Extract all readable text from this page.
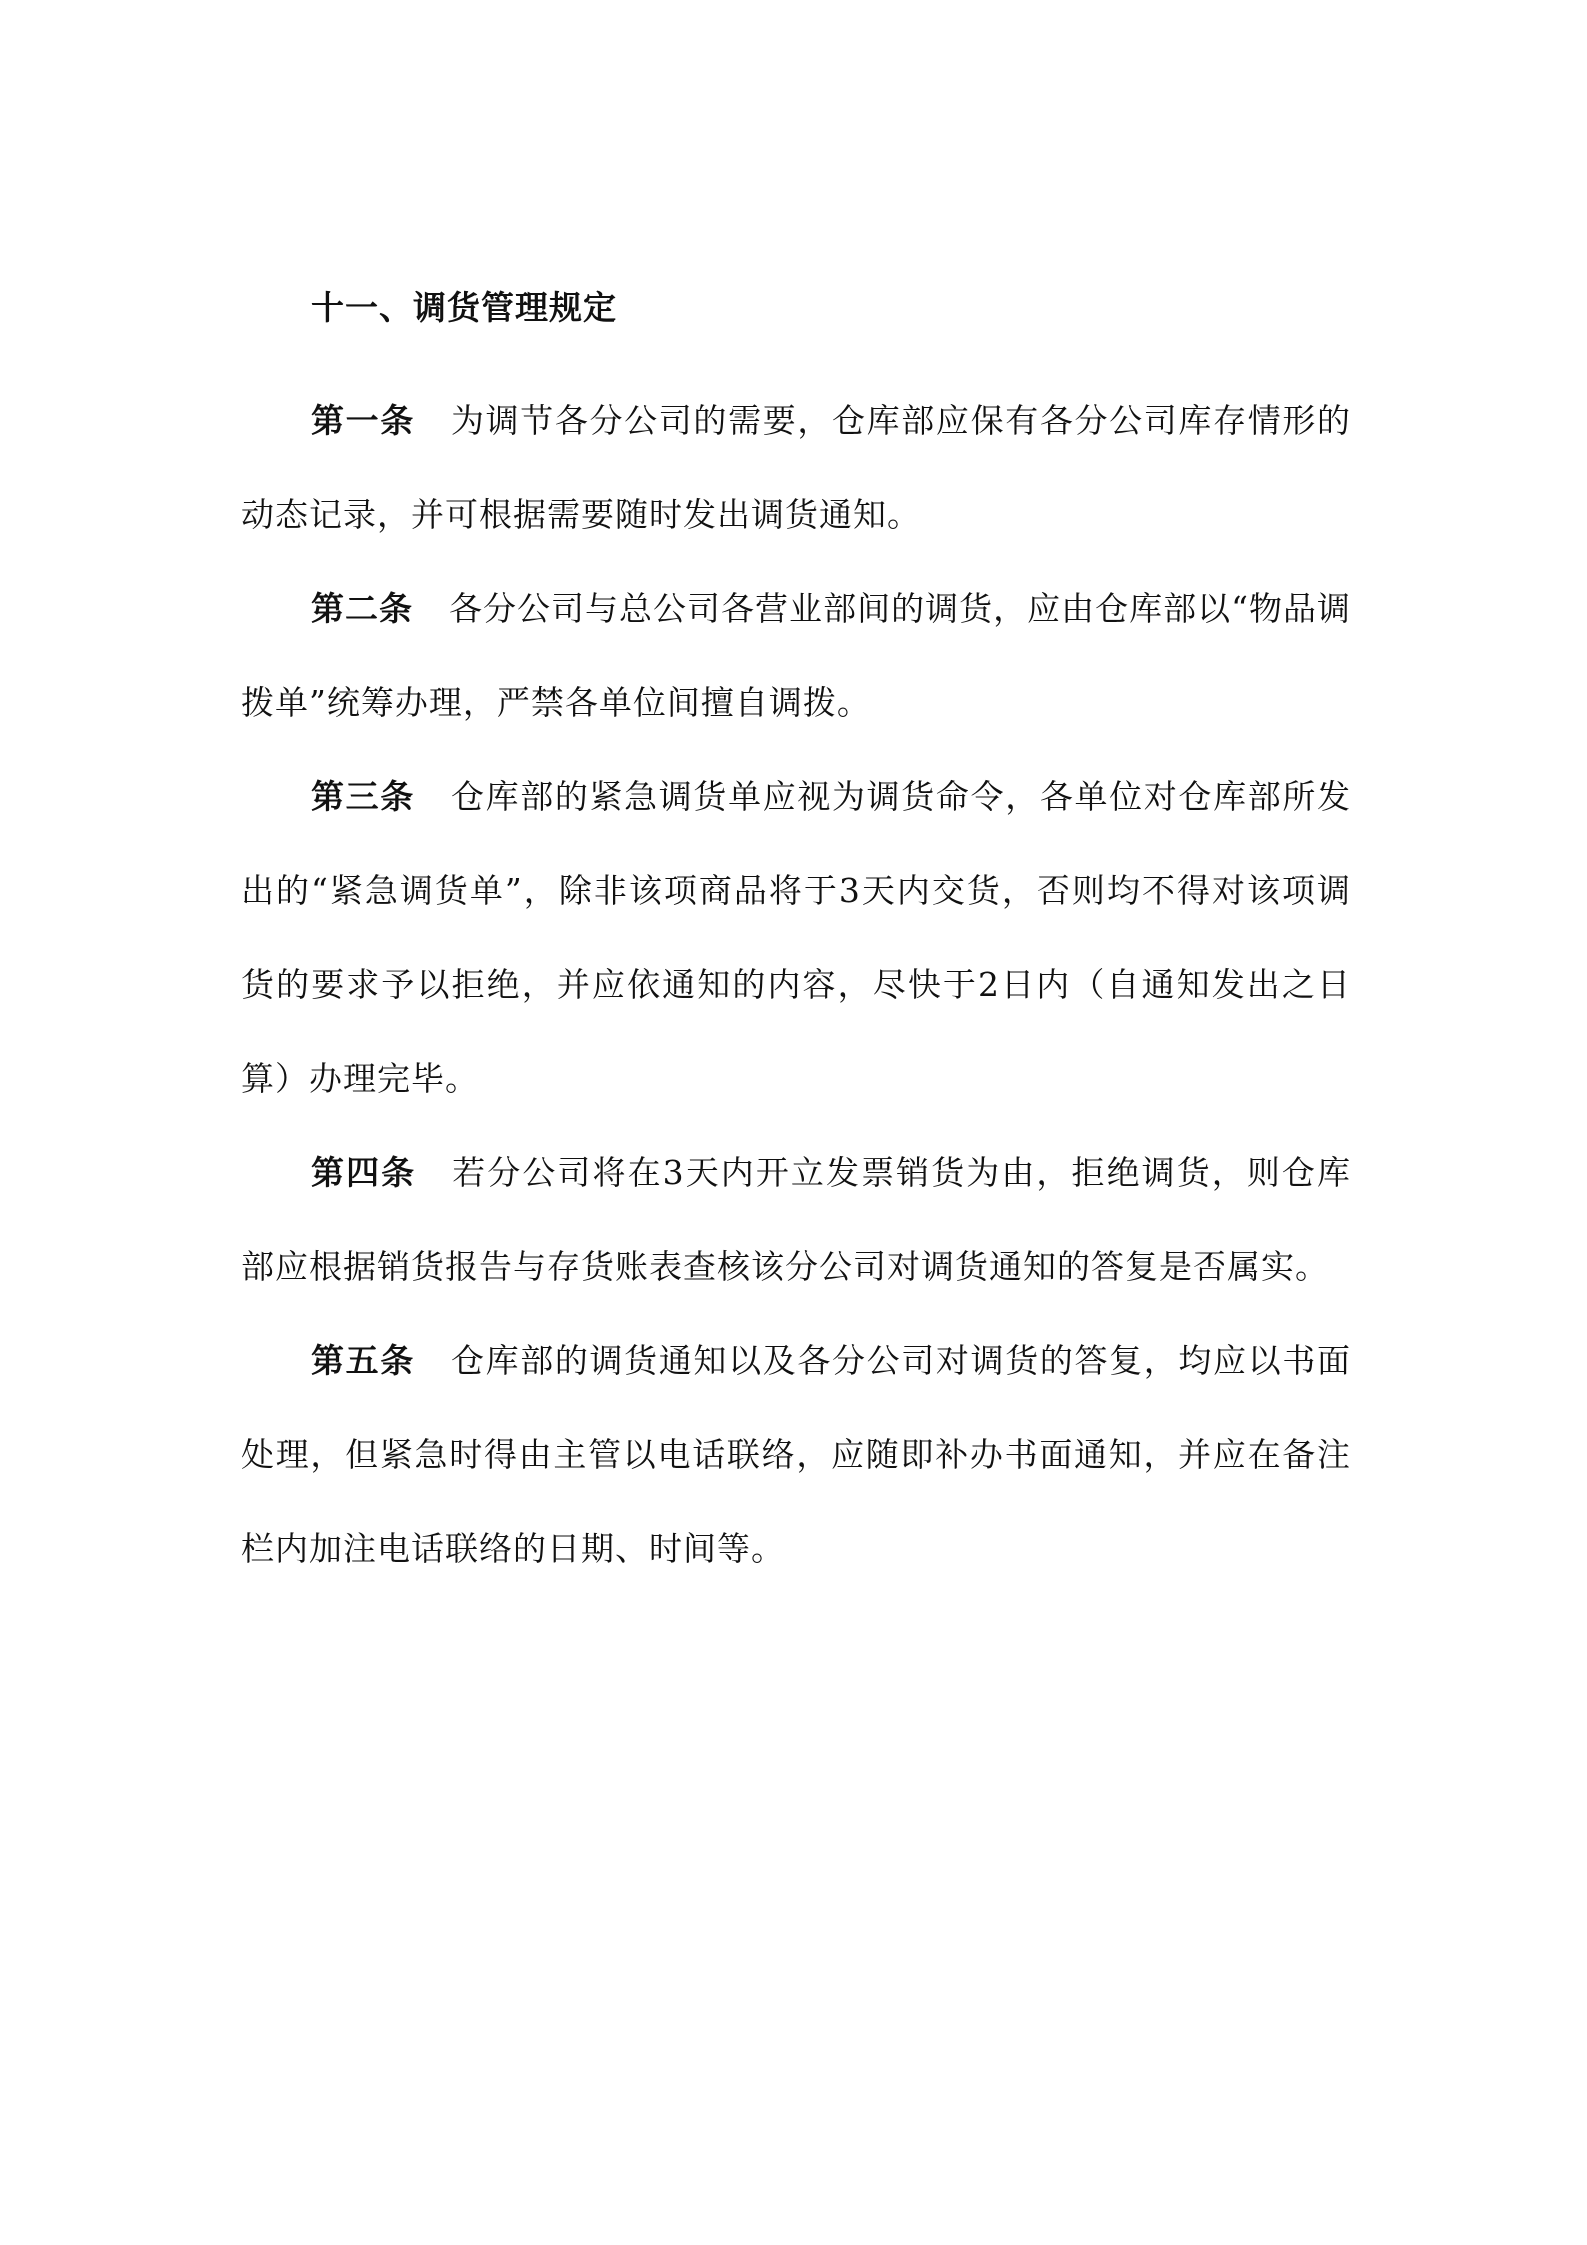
十一、调货管理规定

第一条 为调节各分公司的需要，仓库部应保有各分公司库存情形的动态记录，并可根据需要随时发出调货通知。

第二条 各分公司与总公司各营业部间的调货，应由仓库部以“物品调拨单”统筹办理，严禁各单位间擅自调拨。

第三条 仓库部的紧急调货单应视为调货命令，各单位对仓库部所发出的“紧急调货单”，除非该项商品将于3天内交货，否则均不得对该项调货的要求予以拒绝，并应依通知的内容，尽快于2日内（自通知发出之日算）办理完毕。

第四条 若分公司将在3天内开立发票销货为由，拒绝调货，则仓库部应根据销货报告与存货账表查核该分公司对调货通知的答复是否属实。

第五条 仓库部的调货通知以及各分公司对调货的答复，均应以书面处理，但紧急时得由主管以电话联络，应随即补办书面通知，并应在备注栏内加注电话联络的日期、时间等。
